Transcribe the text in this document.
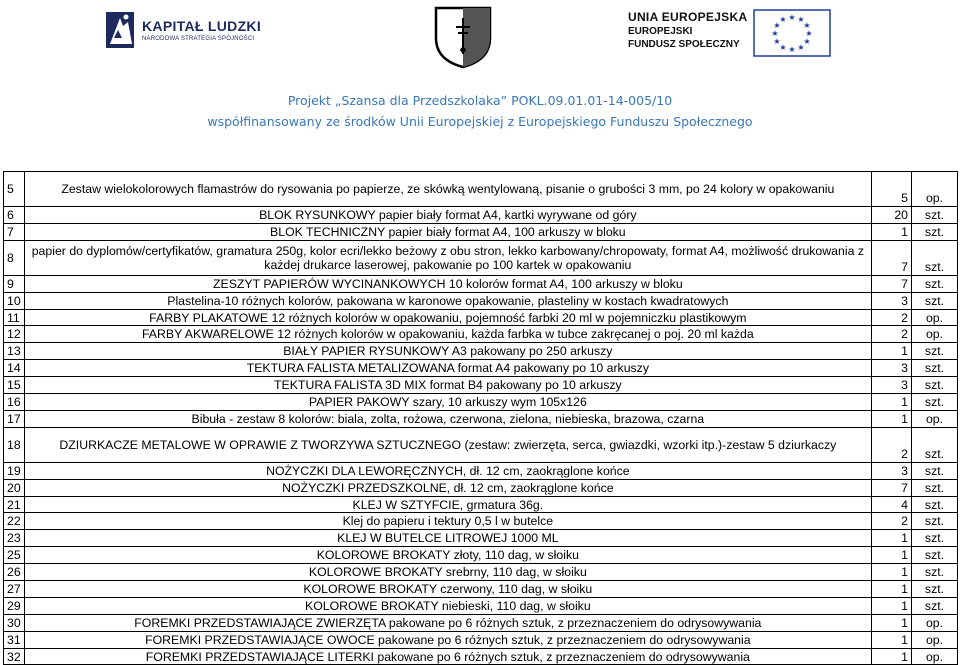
KAPITAŁ LUDZKI
NARODOWA STRATEGIA SPÓJNOŚCI
UNIA EUROPEJSKA
EUROPEJSKI
FUNDUSZ SPOŁECZNY
★ ★
★
★
★
★
★
★
★
★
★
★
Projekt „Szansa dla Przedszkolaka” POKL.09.01.01-14-005/10
współfinansowany ze środków Unii Europejskiej z Europejskiego Funduszu Społecznego
5	Zestaw wielokolorowych flamastrów do rysowania po papierze, ze skówką wentylowaną, pisanie o grubości 3 mm, po 24 kolory w opakowaniu	5	op.
6	BLOK RYSUNKOWY papier biały format A4, kartki wyrywane od góry	20	szt.
7	BLOK TECHNICZNY papier biały format A4, 100 arkuszy w bloku	1	szt.
8	papier do dyplomów/certyfikatów, gramatura 250g, kolor ecri/lekko beżowy z obu stron, lekko karbowany/chropowaty, format A4, możliwość drukowania z każdej drukarce laserowej, pakowanie po 100 kartek w opakowaniu	7	szt.
9	ZESZYT PAPIERÓW WYCINANKOWYCH 10 kolorów format A4, 100 arkuszy w bloku	7	szt.
10	Plastelina-10 różnych kolorów, pakowana w karonowe opakowanie, plasteliny w kostach kwadratowych	3	szt.
11	FARBY PLAKATOWE 12 różnych kolorów w opakowaniu, pojemność farbki 20 ml w pojemniczku plastikowym	2	op.
12	FARBY AKWARELOWE 12 różnych kolorów w opakowaniu, każda farbka w tubce zakręcanej o poj. 20 ml każda	2	op.
13	BIAŁY PAPIER RYSUNKOWY A3 pakowany po 250 arkuszy	1	szt.
14	TEKTURA FALISTA METALIZOWANA format A4 pakowany po 10 arkuszy	3	szt.
15	TEKTURA FALISTA 3D MIX format B4 pakowany po 10 arkuszy	3	szt.
16	PAPIER PAKOWY szary, 10 arkuszy wym 105x126	1	szt.
17	Bibuła - zestaw 8 kolorów: biala, zolta, rożowa, czerwona, zielona, niebieska, brazowa, czarna	1	op.
18	DZIURKACZE METALOWE W OPRAWIE Z TWORZYWA SZTUCZNEGO (zestaw: zwierzęta, serca, gwiazdki, wzorki itp.)-zestaw 5 dziurkaczy	2	szt.
19	NOŻYCZKI DLA LEWORĘCZNYCH, dł. 12 cm, zaokrąglone końce	3	szt.
20	NOŻYCZKI PRZEDSZKOLNE, dł. 12 cm, zaokrąglone końce	7	szt.
21	KLEJ W SZTYFCIE, grmatura 36g.	4	szt.
22	Klej do papieru i tektury 0,5 l w butelce	2	szt.
23	KLEJ W BUTELCE LITROWEJ 1000 ML	1	szt.
25	KOLOROWE BROKATY złoty, 110 dag, w słoiku	1	szt.
26	KOLOROWE BROKATY srebrny, 110 dag, w słoiku	1	szt.
27	KOLOROWE BROKATY czerwony, 110 dag, w słoiku	1	szt.
29	KOLOROWE BROKATY niebieski, 110 dag, w słoiku	1	szt.
30	FOREMKI PRZEDSTAWIAJĄCE ZWIERZĘTA pakowane po 6 różnych sztuk, z przeznaczeniem do odrysowywania	1	op.
31	FOREMKI PRZEDSTAWIAJĄCE OWOCE pakowane po 6 różnych sztuk, z przeznaczeniem do odrysowywania	1	op.
32	FOREMKI PRZEDSTAWIAJĄCE LITERKI pakowane po 6 różnych sztuk, z przeznaczeniem do odrysowywania	1	op.
